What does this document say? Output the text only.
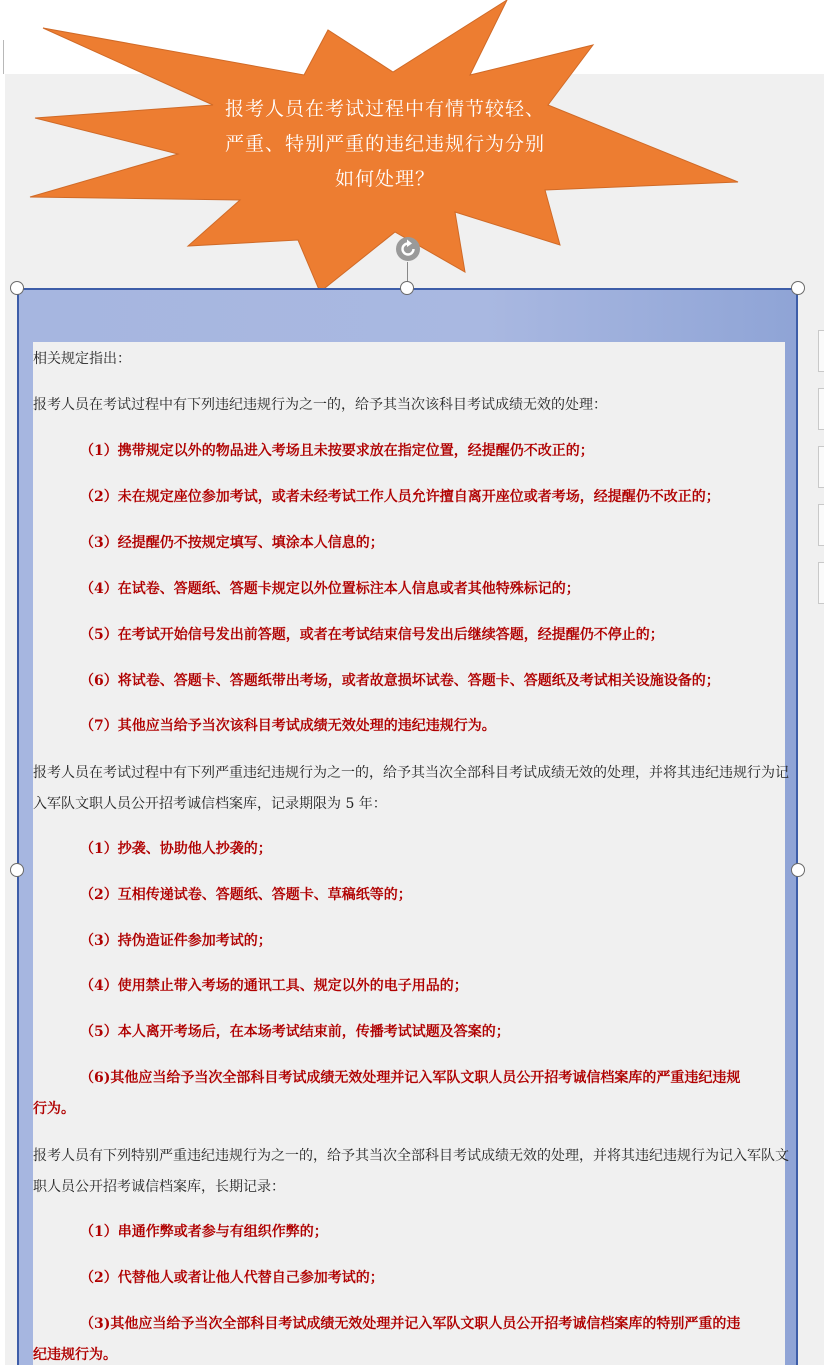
报考人员在考试过程中有情节较轻、
严重、特别严重的违纪违规行为分别
如何处理？
相关规定指出：
报考人员在考试过程中有下列违纪违规行为之一的，给予其当次该科目考试成绩无效的处理：
（1）携带规定以外的物品进入考场且未按要求放在指定位置，经提醒仍不改正的；
（2）未在规定座位参加考试，或者未经考试工作人员允许擅自离开座位或者考场，经提醒仍不改正的；
（3）经提醒仍不按规定填写、填涂本人信息的；
（4）在试卷、答题纸、答题卡规定以外位置标注本人信息或者其他特殊标记的；
（5）在考试开始信号发出前答题，或者在考试结束信号发出后继续答题，经提醒仍不停止的；
（6）将试卷、答题卡、答题纸带出考场，或者故意损坏试卷、答题卡、答题纸及考试相关设施设备的；
（7）其他应当给予当次该科目考试成绩无效处理的违纪违规行为。
报考人员在考试过程中有下列严重违纪违规行为之一的，给予其当次全部科目考试成绩无效的处理，并将其违纪违规行为记
入军队文职人员公开招考诚信档案库，记录期限为 5 年：
（1）抄袭、协助他人抄袭的；
（2）互相传递试卷、答题纸、答题卡、草稿纸等的；
（3）持伪造证件参加考试的；
（4）使用禁止带入考场的通讯工具、规定以外的电子用品的；
（5）本人离开考场后，在本场考试结束前，传播考试试题及答案的；
（6)其他应当给予当次全部科目考试成绩无效处理并记入军队文职人员公开招考诚信档案库的严重违纪违规
行为。
报考人员有下列特别严重违纪违规行为之一的，给予其当次全部科目考试成绩无效的处理，并将其违纪违规行为记入军队文
职人员公开招考诚信档案库，长期记录：
（1）串通作弊或者参与有组织作弊的；
（2）代替他人或者让他人代替自己参加考试的；
（3)其他应当给予当次全部科目考试成绩无效处理并记入军队文职人员公开招考诚信档案库的特别严重的违
纪违规行为。
